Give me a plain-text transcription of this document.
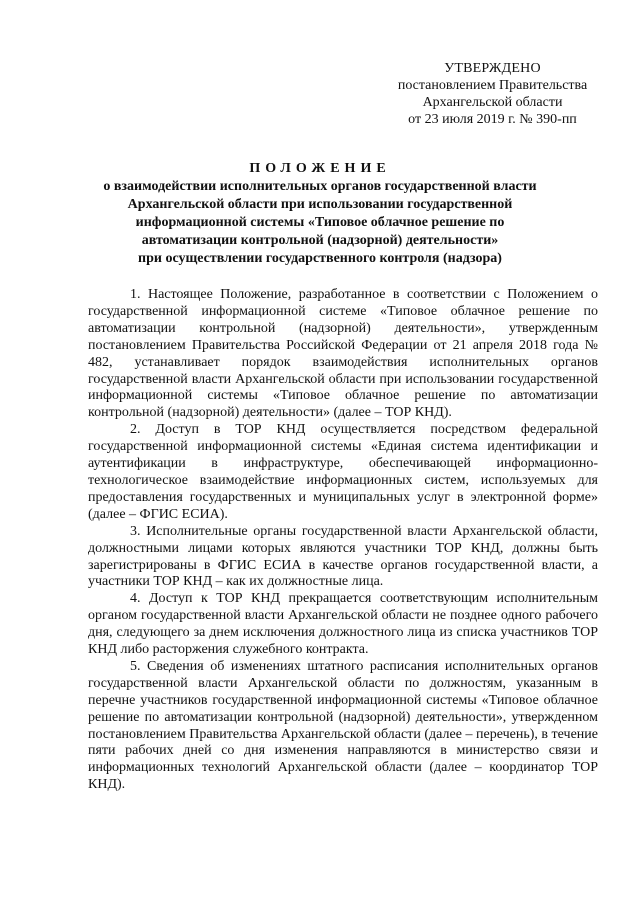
УТВЕРЖДЕНО
постановлением Правительства
Архангельской области
от 23 июля 2019 г. № 390-пп
ПОЛОЖЕНИЕ
о взаимодействии исполнительных органов государственной власти
Архангельской области при использовании государственной
информационной системы «Типовое облачное решение по
автоматизации контрольной (надзорной) деятельности»
при осуществлении государственного контроля (надзора)

1. Настоящее Положение, разработанное в соответствии с Положением о государственной информационной системе «Типовое облачное решение по автоматизации контрольной (надзорной) деятельности», утвержденным постановлением Правительства Российской Федерации от 21 апреля 2018 года № 482, устанавливает порядок взаимодействия исполнительных органов государственной власти Архангельской области при использовании государственной информационной системы «Типовое облачное решение по автоматизации контрольной (надзорной) деятельности» (далее – ТОР КНД).

2. Доступ в ТОР КНД осуществляется посредством федеральной государственной информационной системы «Единая система идентификации и аутентификации в инфраструктуре, обеспечивающей информационно-технологическое взаимодействие информационных систем, используемых для предоставления государственных и муниципальных услуг в электронной форме» (далее – ФГИС ЕСИА).

3. Исполнительные органы государственной власти Архангельской области, должностными лицами которых являются участники ТОР КНД, должны быть зарегистрированы в ФГИС ЕСИА в качестве органов государственной власти, а участники ТОР КНД – как их должностные лица.

4. Доступ к ТОР КНД прекращается соответствующим исполнительным органом государственной власти Архангельской области не позднее одного рабочего дня, следующего за днем исключения должностного лица из списка участников ТОР КНД либо расторжения служебного контракта.

5. Сведения об изменениях штатного расписания исполнительных органов государственной власти Архангельской области по должностям, указанным в перечне участников государственной информационной системы «Типовое облачное решение по автоматизации контрольной (надзорной) деятельности», утвержденном постановлением Правительства Архангельской области (далее – перечень), в течение пяти рабочих дней со дня изменения направляются в министерство связи и информационных технологий Архангельской области (далее – координатор ТОР КНД).
